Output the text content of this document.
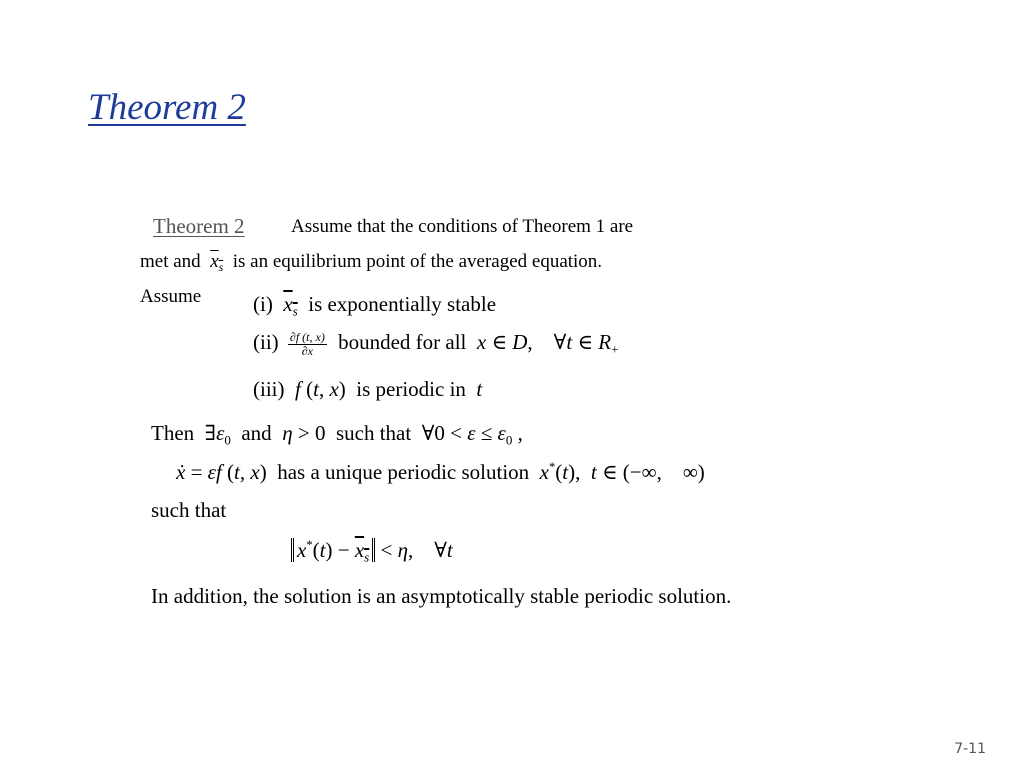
Theorem 2
Theorem 2 Assume that the conditions of Theorem 1 are
met and $x_s$ is an equilibrium point of the averaged equation.
Assume (i) $x_s$ is exponentially stable
$(ii) \frac{\partial f (t, x)}{\partial x}$ bounded for all x ∈ D,    ∀t ∈ $R_+$
(iii) f (t, x) is periodic in t
Then $\exists\varepsilon_0$ and η > 0 such that ∀0 < $\varepsilon \le \varepsilon_0$ ,
ẋ = εf (t, x) has a unique periodic solution x*(t),  t ∈ (−∞,    ∞)
such that
$x^*(t) - x_s < \eta$,    ∀t
In addition, the solution is an asymptotically stable periodic solution.
7-11
